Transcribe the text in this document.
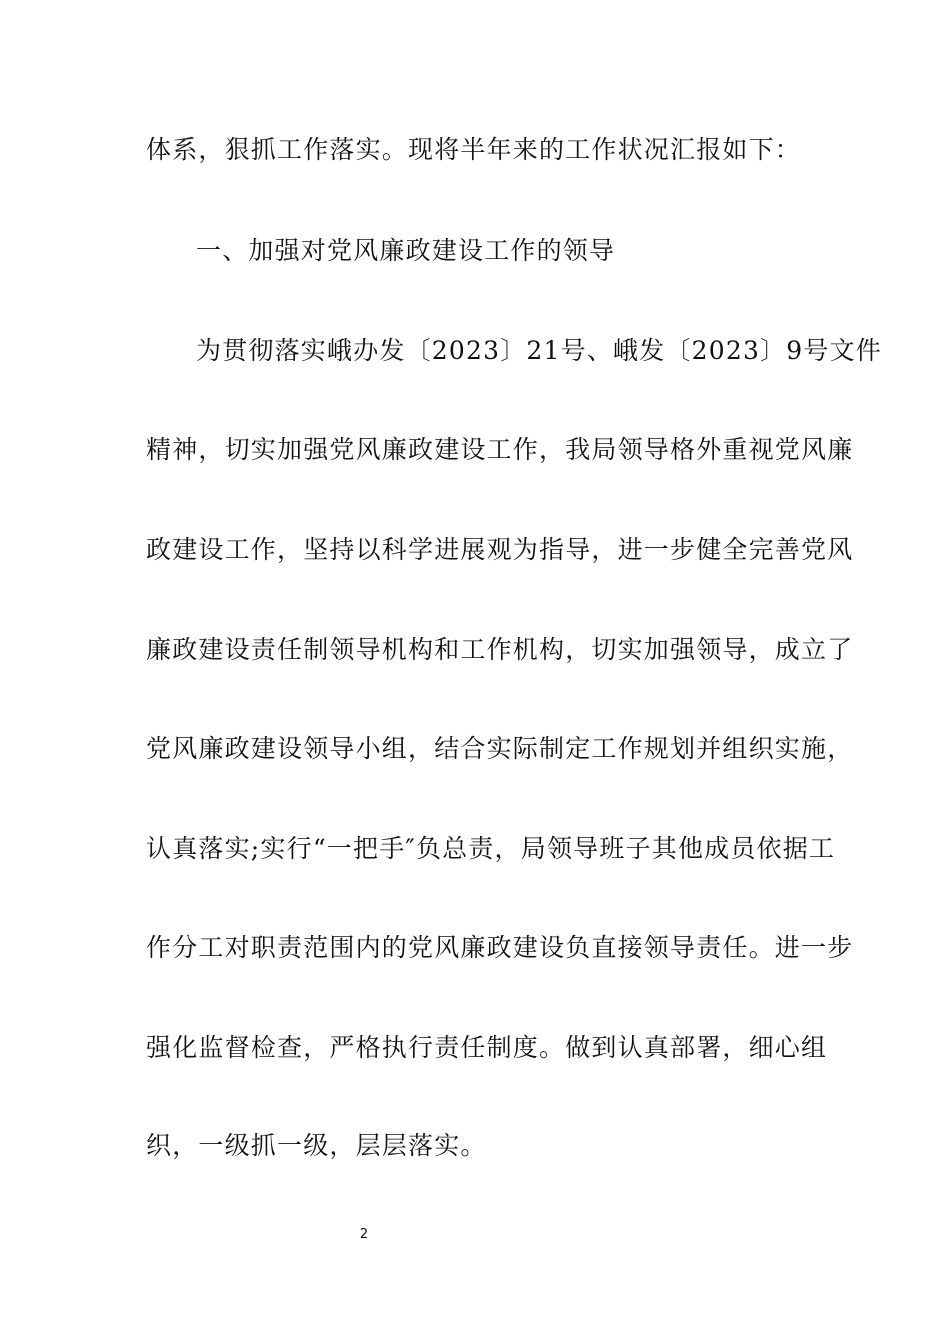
体系，狠抓工作落实。现将半年来的工作状况汇报如下：
一、加强对党风廉政建设工作的领导
为贯彻落实峨办发〔2023〕21号、峨发〔2023〕9号文件
精神，切实加强党风廉政建设工作，我局领导格外重视党风廉
政建设工作，坚持以科学进展观为指导，进一步健全完善党风
廉政建设责任制领导机构和工作机构，切实加强领导，成立了
党风廉政建设领导小组，结合实际制定工作规划并组织实施，
认真落实;实行“一把手″负总责，局领导班子其他成员依据工
作分工对职责范围内的党风廉政建设负直接领导责任。进一步
强化监督检查，严格执行责任制度。做到认真部署，细心组
织，一级抓一级，层层落实。
2
